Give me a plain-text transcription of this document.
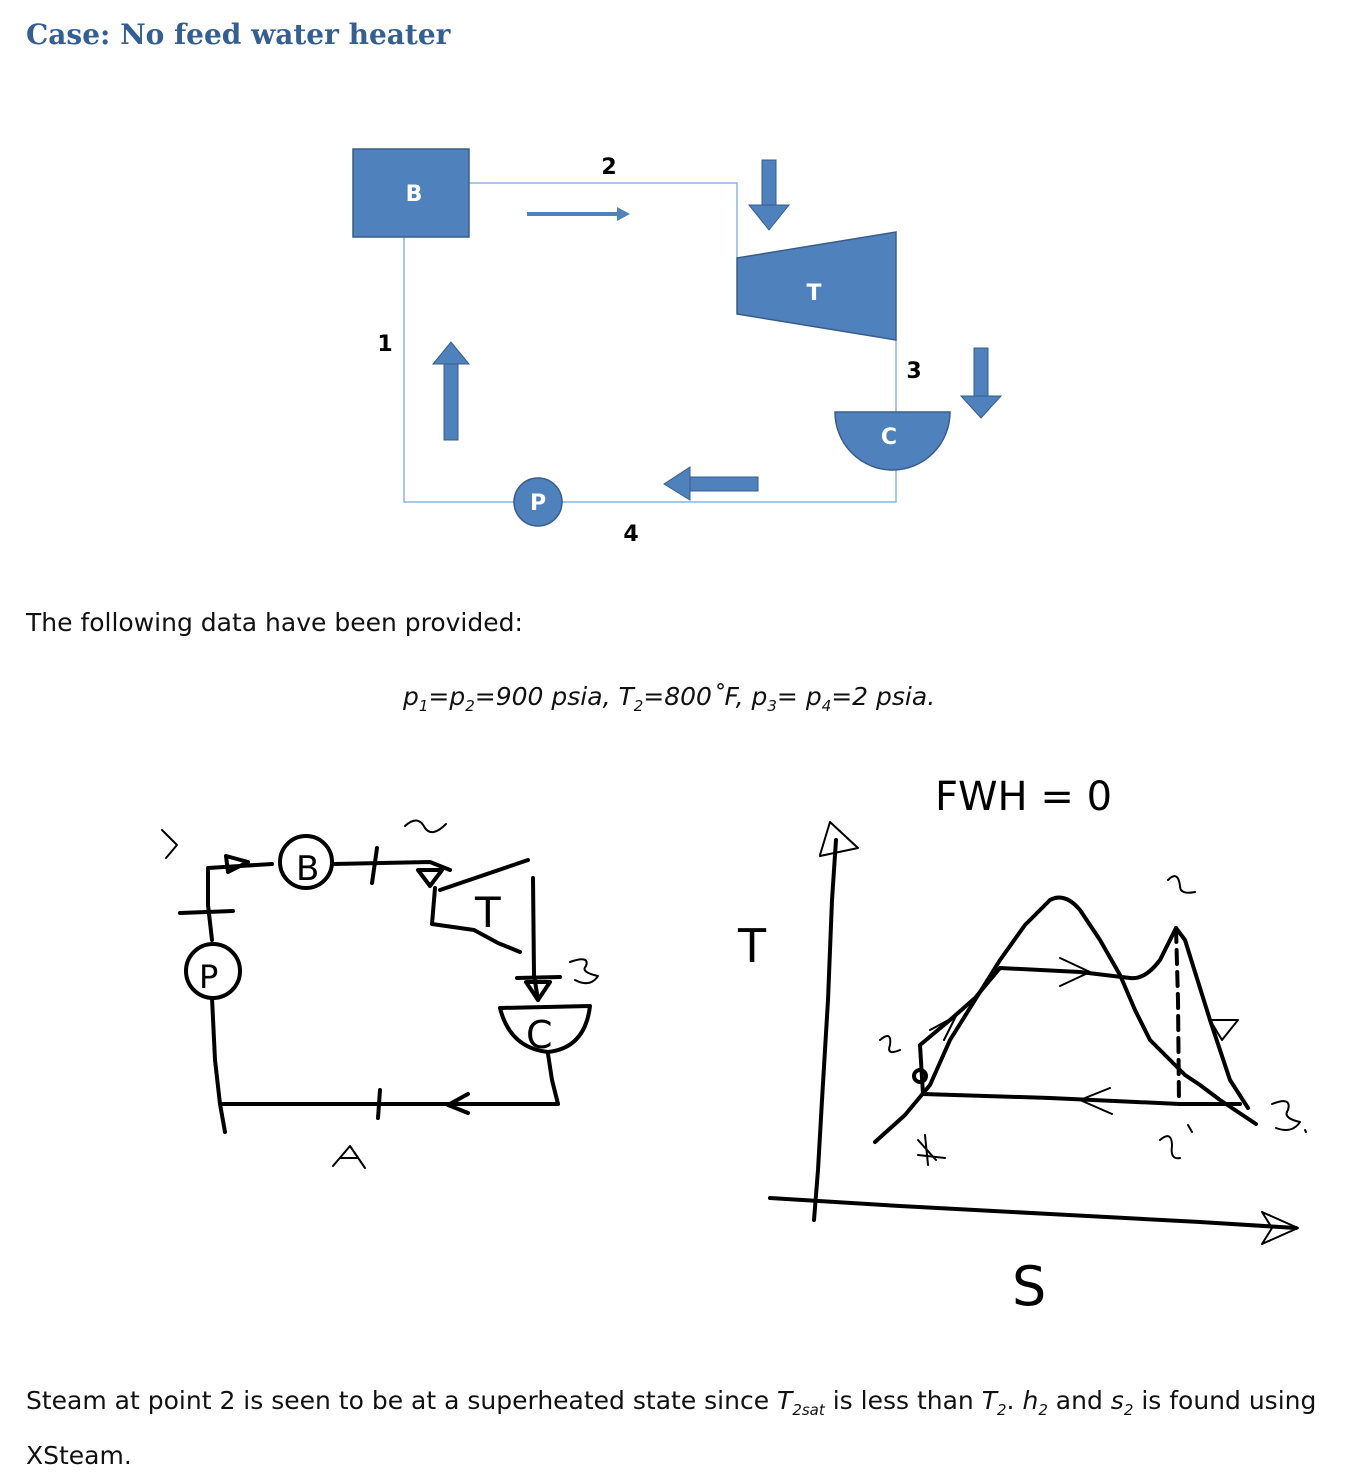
Case: No feed water heater
B
T
C
P
2
1
3
4

The following data have been provided:

$p_1=p_2=900$ psia, $T_2=800˚F$, $p_3= p_4=2$ psia.
B
T
C
P
FWH = 0
T
S

Steam at point 2 is seen to be at a superheated state since $T_{2sat}$ is less than $T_2$. $h_2$ and $s_2$ is found using XSteam.
